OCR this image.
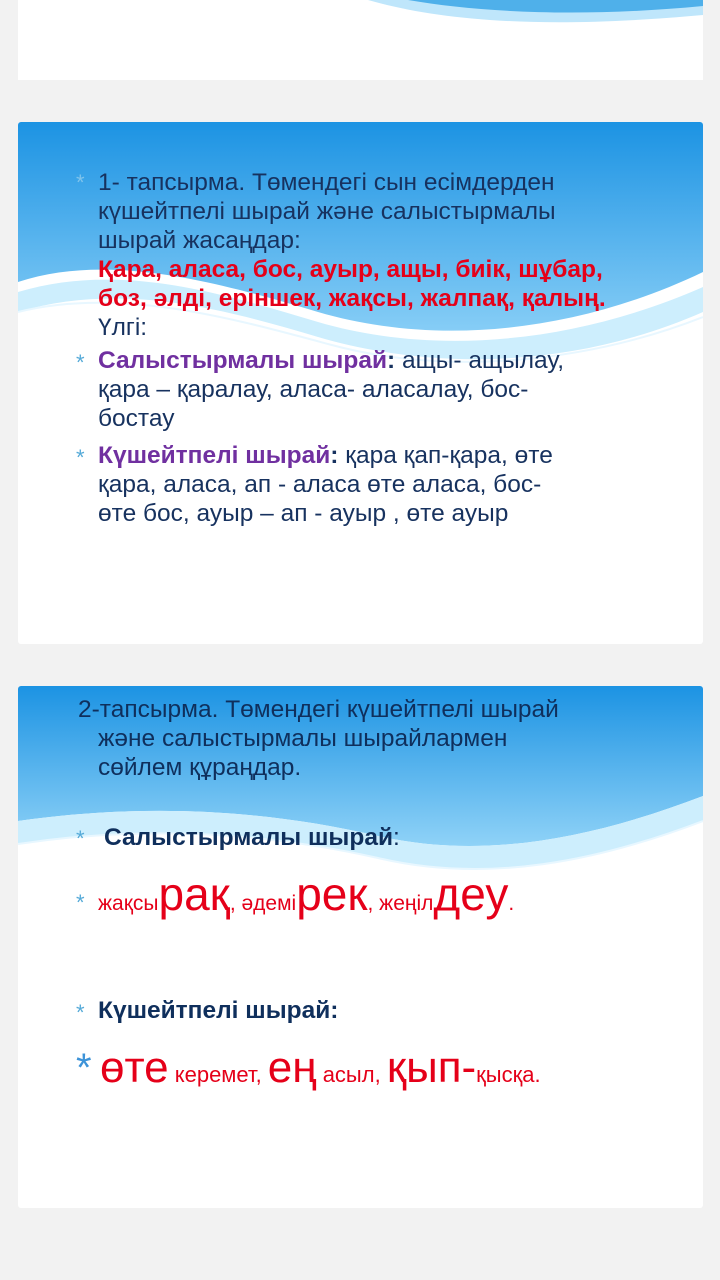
* 1- тапсырма. Төмендегі сын есімдерден
күшейтпелі шырай және салыстырмалы
шырай жасаңдар:
Қара, аласа, бос, ауыр, ащы, биік, шұбар,
боз, әлді, еріншек, жақсы, жалпақ, қалың.
Үлгі:
* Салыстырмалы шырай: ащы- ащылау,
қара – қаралау, аласа- аласалау, бос-
бостау
* Күшейтпелі шырай: қара қап-қара, өте
қара, аласа, ап - аласа өте аласа, бос-
өте бос, ауыр – ап - ауыр , өте ауыр
2-тапсырма. Төмендегі күшейтпелі шырай
және салыстырмалы шырайлармен
сөйлем құраңдар.
* Салыстырмалы шырай:
* жақсырақ, әдемірек, жеңілдеу.
* Күшейтпелі шырай:
* өте керемет, ең асыл, қып-қысқа.
